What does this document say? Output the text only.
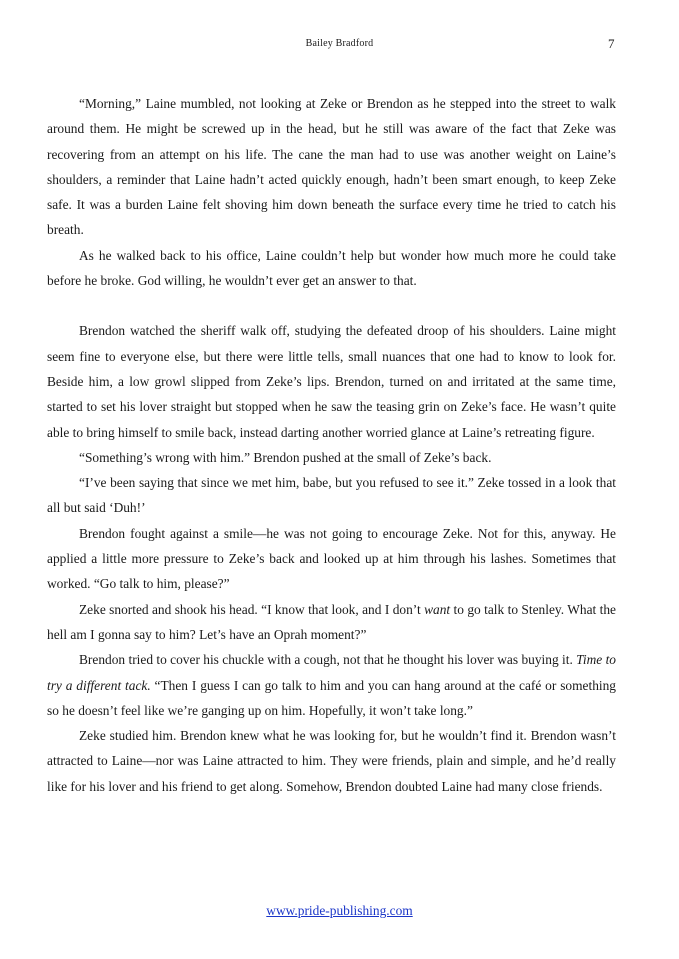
Bailey Bradford	7

“Morning,” Laine mumbled, not looking at Zeke or Brendon as he stepped into the street to walk around them. He might be screwed up in the head, but he still was aware of the fact that Zeke was recovering from an attempt on his life. The cane the man had to use was another weight on Laine’s shoulders, a reminder that Laine hadn’t acted quickly enough, hadn’t been smart enough, to keep Zeke safe. It was a burden Laine felt shoving him down beneath the surface every time he tried to catch his breath.

As he walked back to his office, Laine couldn’t help but wonder how much more he could take before he broke. God willing, he wouldn’t ever get an answer to that.

Brendon watched the sheriff walk off, studying the defeated droop of his shoulders. Laine might seem fine to everyone else, but there were little tells, small nuances that one had to know to look for. Beside him, a low growl slipped from Zeke’s lips. Brendon, turned on and irritated at the same time, started to set his lover straight but stopped when he saw the teasing grin on Zeke’s face. He wasn’t quite able to bring himself to smile back, instead darting another worried glance at Laine’s retreating figure.

“Something’s wrong with him.” Brendon pushed at the small of Zeke’s back.

“I’ve been saying that since we met him, babe, but you refused to see it.” Zeke tossed in a look that all but said ‘Duh!’

Brendon fought against a smile—he was not going to encourage Zeke. Not for this, anyway. He applied a little more pressure to Zeke’s back and looked up at him through his lashes. Sometimes that worked. “Go talk to him, please?”

Zeke snorted and shook his head. “I know that look, and I don’t want to go talk to Stenley. What the hell am I gonna say to him? Let’s have an Oprah moment?”

Brendon tried to cover his chuckle with a cough, not that he thought his lover was buying it. Time to try a different tack. “Then I guess I can go talk to him and you can hang around at the café or something so he doesn’t feel like we’re ganging up on him. Hopefully, it won’t take long.”

Zeke studied him. Brendon knew what he was looking for, but he wouldn’t find it. Brendon wasn’t attracted to Laine—nor was Laine attracted to him. They were friends, plain and simple, and he’d really like for his lover and his friend to get along. Somehow, Brendon doubted Laine had many close friends.

www.pride-publishing.com
